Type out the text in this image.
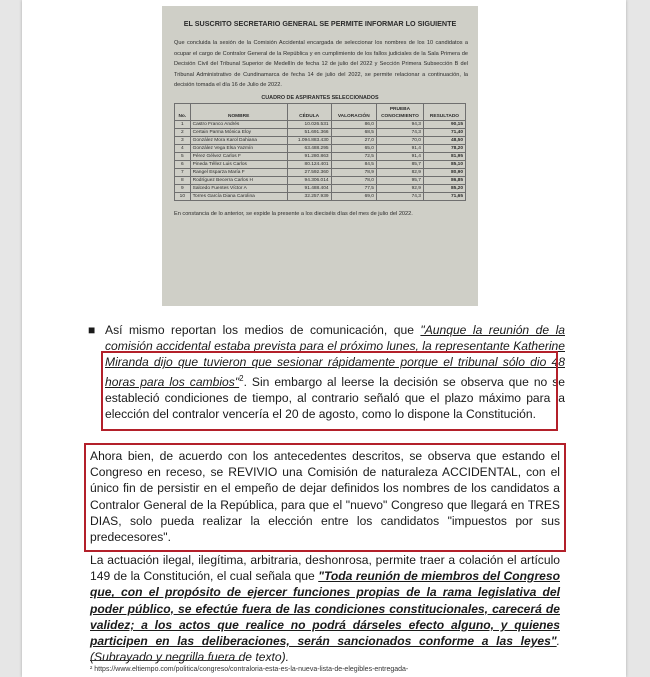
EL SUSCRITO SECRETARIO GENERAL SE PERMITE INFORMAR LO SIGUIENTE
Que concluida la sesión de la Comisión Accidental encargada de seleccionar los nombres de los 10 candidatos a ocupar el cargo de Contralor General de la República y en cumplimiento de los fallos judiciales de la Sala Primera de Decisión Civil del Tribunal Superior de Medellín de fecha 12 de julio del 2022 y Sección Primera Subsección B del Tribunal Administrativo de Cundinamarca de fecha 14 de julio del 2022, se permite relacionar a continuación, la decisión tomada el día 16 de Julio de 2022.
CUADRO DE ASPIRANTES SELECCIONADOS
No.	NOMBRE	CÉDULA	VALORACIÓN	PRUEBA CONOCIMIENTO	RESULTADO
1	Castro Franco Andrés	10.026.531	86,0	94,3	90,15
2	Certain Parma Mónica Eloy	51.691.366	68,5	74,3	71,40
3	González Mora Karol Dahiana	1.094.883.430	27,0	70,0	48,50
4	González Vega Elsa Yazmín	63.488.295	65,0	91,4	78,20
5	Pérez Gélvez Carlos F	91.280.863	72,5	91,4	81,95
6	Pineda Téllez Luis Carlos	80.124.401	84,5	85,7	85,10
7	Rangel Esparza María F	27.592.360	78,9	82,9	80,90
8	Rodríguez Becerra Carlos H	94.306.014	78,0	95,7	86,85
9	Salcedo Fuentes Víctor A	91.488.404	77,5	92,9	85,20
10	Torres García Diana Carolina	32.257.939	69,0	74,3	71,65
En constancia de lo anterior, se expide la presente a los dieciséis días del mes de julio del 2022.
■ Así mismo reportan los medios de comunicación, que "Aunque la reunión de la comisión accidental estaba prevista para el próximo lunes, la representante Katherine Miranda dijo que tuvieron que sesionar rápidamente porque el tribunal sólo dio 48 horas para los cambios"$^2$. Sin embargo al leerse la decisión se observa que no se estableció condiciones de tiempo, al contrario señaló que el plazo máximo para la elección del contralor vencería el 20 de agosto, como lo dispone la Constitución.
Ahora bien, de acuerdo con los antecedentes descritos, se observa que estando el Congreso en receso, se REVIVIO una Comisión de naturaleza ACCIDENTAL, con el único fin de persistir en el empeño de dejar definidos los nombres de los candidatos a Contralor General de la República, para que el "nuevo" Congreso que llegará en TRES DIAS, solo pueda realizar la elección entre los candidatos "impuestos por sus predecesores".
La actuación ilegal, ilegítima, arbitraria, deshonrosa, permite traer a colación el artículo 149 de la Constitución, el cual señala que "Toda reunión de miembros del Congreso que, con el propósito de ejercer funciones propias de la rama legislativa del poder público, se efectúe fuera de las condiciones constitucionales, carecerá de validez; a los actos que realice no podrá dárseles efecto alguno, y quienes participen en las deliberaciones, serán sancionados conforme a las leyes". (Subrayado y negrilla fuera de texto).
² https://www.eltiempo.com/politica/congreso/contraloria-esta-es-la-nueva-lista-de-elegibles-entregada-
